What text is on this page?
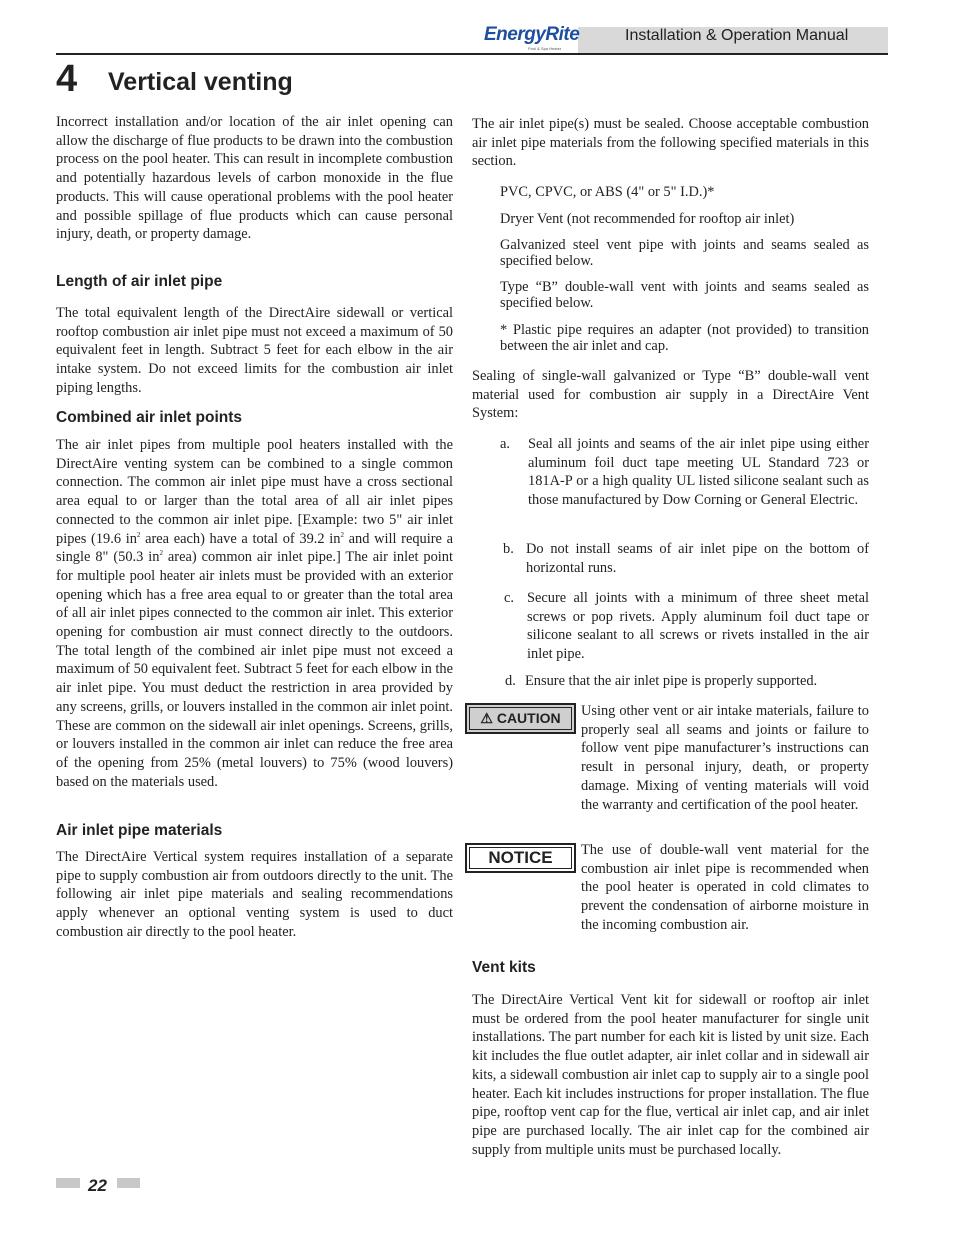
EnergyRite
Pool & Spa Heater
Installation & Operation Manual
4 Vertical venting

Incorrect installation and/or location of the air inlet opening can allow the discharge of flue products to be drawn into the combustion process on the pool heater. This can result in incomplete combustion and potentially hazardous levels of carbon monoxide in the flue products. This will cause operational problems with the pool heater and possible spillage of flue products which can cause personal injury, death, or property damage.

Length of air inlet pipe

The total equivalent length of the DirectAire sidewall or vertical rooftop combustion air inlet pipe must not exceed a maximum of 50 equivalent feet in length. Subtract 5 feet for each elbow in the air intake system. Do not exceed limits for the combustion air inlet piping lengths.

Combined air inlet points

The air inlet pipes from multiple pool heaters installed with the DirectAire venting system can be combined to a single common connection. The common air inlet pipe must have a cross sectional area equal to or larger than the total area of all air inlet pipes connected to the common air inlet pipe. [Example: two 5" air inlet pipes (19.6 $in^2$ area each) have a total of 39.2 $in^2$ and will require a single 8" (50.3 $in^2$ area) common air inlet pipe.] The air inlet point for multiple pool heater air inlets must be provided with an exterior opening which has a free area equal to or greater than the total area of all air inlet pipes connected to the common air inlet. This exterior opening for combustion air must connect directly to the outdoors. The total length of the combined air inlet pipe must not exceed a maximum of 50 equivalent feet. Subtract 5 feet for each elbow in the air inlet pipe. You must deduct the restriction in area provided by any screens, grills, or louvers installed in the common air inlet point. These are common on the sidewall air inlet openings. Screens, grills, or louvers installed in the common air inlet can reduce the free area of the opening from 25% (metal louvers) to 75% (wood louvers) based on the materials used.

Air inlet pipe materials

The DirectAire Vertical system requires installation of a separate pipe to supply combustion air from outdoors directly to the unit. The following air inlet pipe materials and sealing recommendations apply whenever an optional venting system is used to duct combustion air directly to the pool heater.

The air inlet pipe(s) must be sealed. Choose acceptable combustion air inlet pipe materials from the following specified materials in this section.

PVC, CPVC, or ABS (4" or 5" I.D.)*

Dryer Vent (not recommended for rooftop air inlet)

Galvanized steel vent pipe with joints and seams sealed as specified below.

Type “B” double-wall vent with joints and seams sealed as specified below.

* Plastic pipe requires an adapter (not provided) to transition between the air inlet and cap.

Sealing of single-wall galvanized or Type “B” double-wall vent material used for combustion air supply in a DirectAire Vent System:

a. Seal all joints and seams of the air inlet pipe using either aluminum foil duct tape meeting UL Standard 723 or 181A-P or a high quality UL listed silicone sealant such as those manufactured by Dow Corning or General Electric.
b. Do not install seams of air inlet pipe on the bottom of horizontal runs.
c. Secure all joints with a minimum of three sheet metal screws or pop rivets. Apply aluminum foil duct tape or silicone sealant to all screws or rivets installed in the air inlet pipe.
d. Ensure that the air inlet pipe is properly supported.
⚠ CAUTION	Using other vent or air intake materials, failure to properly seal all seams and joints or failure to follow vent pipe manufacturer’s instructions can result in personal injury, death, or property damage. Mixing of venting materials will void the warranty and certification of the pool heater.

NOTICE	The use of double-wall vent material for the combustion air inlet pipe is recommended when the pool heater is operated in cold climates to prevent the condensation of airborne moisture in the incoming combustion air.

Vent kits

The DirectAire Vertical Vent kit for sidewall or rooftop air inlet must be ordered from the pool heater manufacturer for single unit installations. The part number for each kit is listed by unit size. Each kit includes the flue outlet adapter, air inlet collar and in sidewall air kits, a sidewall combustion air inlet cap to supply air to a single pool heater. Each kit includes instructions for proper installation. The flue pipe, rooftop vent cap for the flue, vertical air inlet cap, and air inlet pipe are purchased locally. The air inlet cap for the combined air supply from multiple units must be purchased locally.

22
